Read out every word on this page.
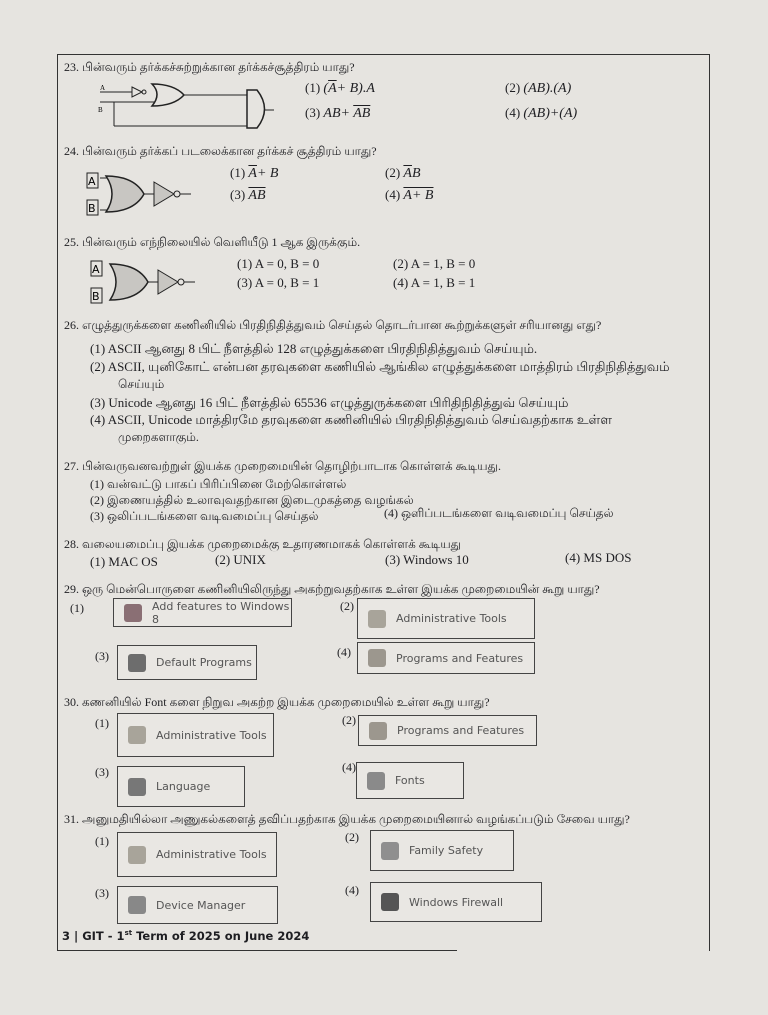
23. பின்வரும் தர்க்கச்சுற்றுக்கான தர்க்கச்சூத்திரம் யாது?
A
B
(1) $(\overline{A}+ B).A$	(2) (AB).(A)
(3) $AB+ \overline{AB}$	(4) (AB)+(A)
24. பின்வரும் தர்க்கப் படலைக்கான தர்க்கச் சூத்திரம் யாது?
A
B
(1) $\overline{A}+ B$	(2) $\overline{A}B$
(3) $\overline{AB}$	(4) A+ B
25. பின்வரும் எந்நிலையில் வெளியீடு 1 ஆக இருக்கும்.
A
B
(1) A = 0, B = 0	(2) A = 1, B = 0
(3) A = 0, B = 1	(4) A = 1, B = 1
26. எழுத்துருக்களை கணினியில் பிரதிநிதித்துவம் செய்தல் தொடர்பான கூற்றுக்களுள் சரியானது எது?
(1) ASCII ஆனது 8 பிட் நீளத்தில் 128 எழுத்துக்களை பிரதிநிதித்துவம் செய்யும்.
(2) ASCII, யுனிகோட் என்பன தரவுகளை கணியில் ஆங்கில எழுத்துக்களை மாத்திரம் பிரதிநிதித்துவம்
செய்யும்
(3) Unicode ஆனது 16 பிட் நீளத்தில் 65536 எழுத்துருக்களை பிரிதிநிதித்துவ் செய்யும்
(4) ASCII, Unicode மாத்திரமே தரவுகளை கணினியில் பிரதிநிதித்துவம் செய்வதற்காக உள்ள
முறைகளாகும்.
27. பின்வருவனவற்றுள் இயக்க முறைமையின் தொழிற்பாடாக கொள்ளக் கூடியது.
(1) வன்வட்டு பாகப் பிரிப்பினை மேற்கொள்ளல்
(2) இணையத்தில் உலாவுவதற்கான இடைமுகத்தை வழங்கல்
(3) ஒலிப்படங்களை வடிவமைப்பு செய்தல்	(4) ஒளிப்படங்களை வடிவமைப்பு செய்தல்
28. வலையமைப்பு இயக்க முறைமைக்கு உதாரணமாகக் கொள்ளக் கூடியது
(1) MAC OS	(2) UNIX	(3) Windows 10	(4) MS DOS
29. ஒரு மென்பொருளை கணினியிலிருந்து அகற்றுவதற்காக உள்ள இயக்க முறைமையின் கூறு யாது?
30. கணனியில் Font களை நிறுவ அகற்ற இயக்க முறைமையில் உள்ள கூறு யாது?
31. அனுமதியில்லா அணுகல்களைத் தவிப்பதற்காக இயக்க முறைமையினால் வழங்கப்படும் சேவை யாது?
(1)	Add features to Windows 8
(2)
Administrative Tools
(3)	Default Programs
(4)	Programs and Features
(1)
Administrative Tools
(2)
Programs and Features
(3)
Language
(4)
Fonts
(1)
Administrative Tools
(2)
Family Safety
(3)
Device Manager
(4)
Windows Firewall
3 | GIT - 1st Term of 2025 on June 2024
